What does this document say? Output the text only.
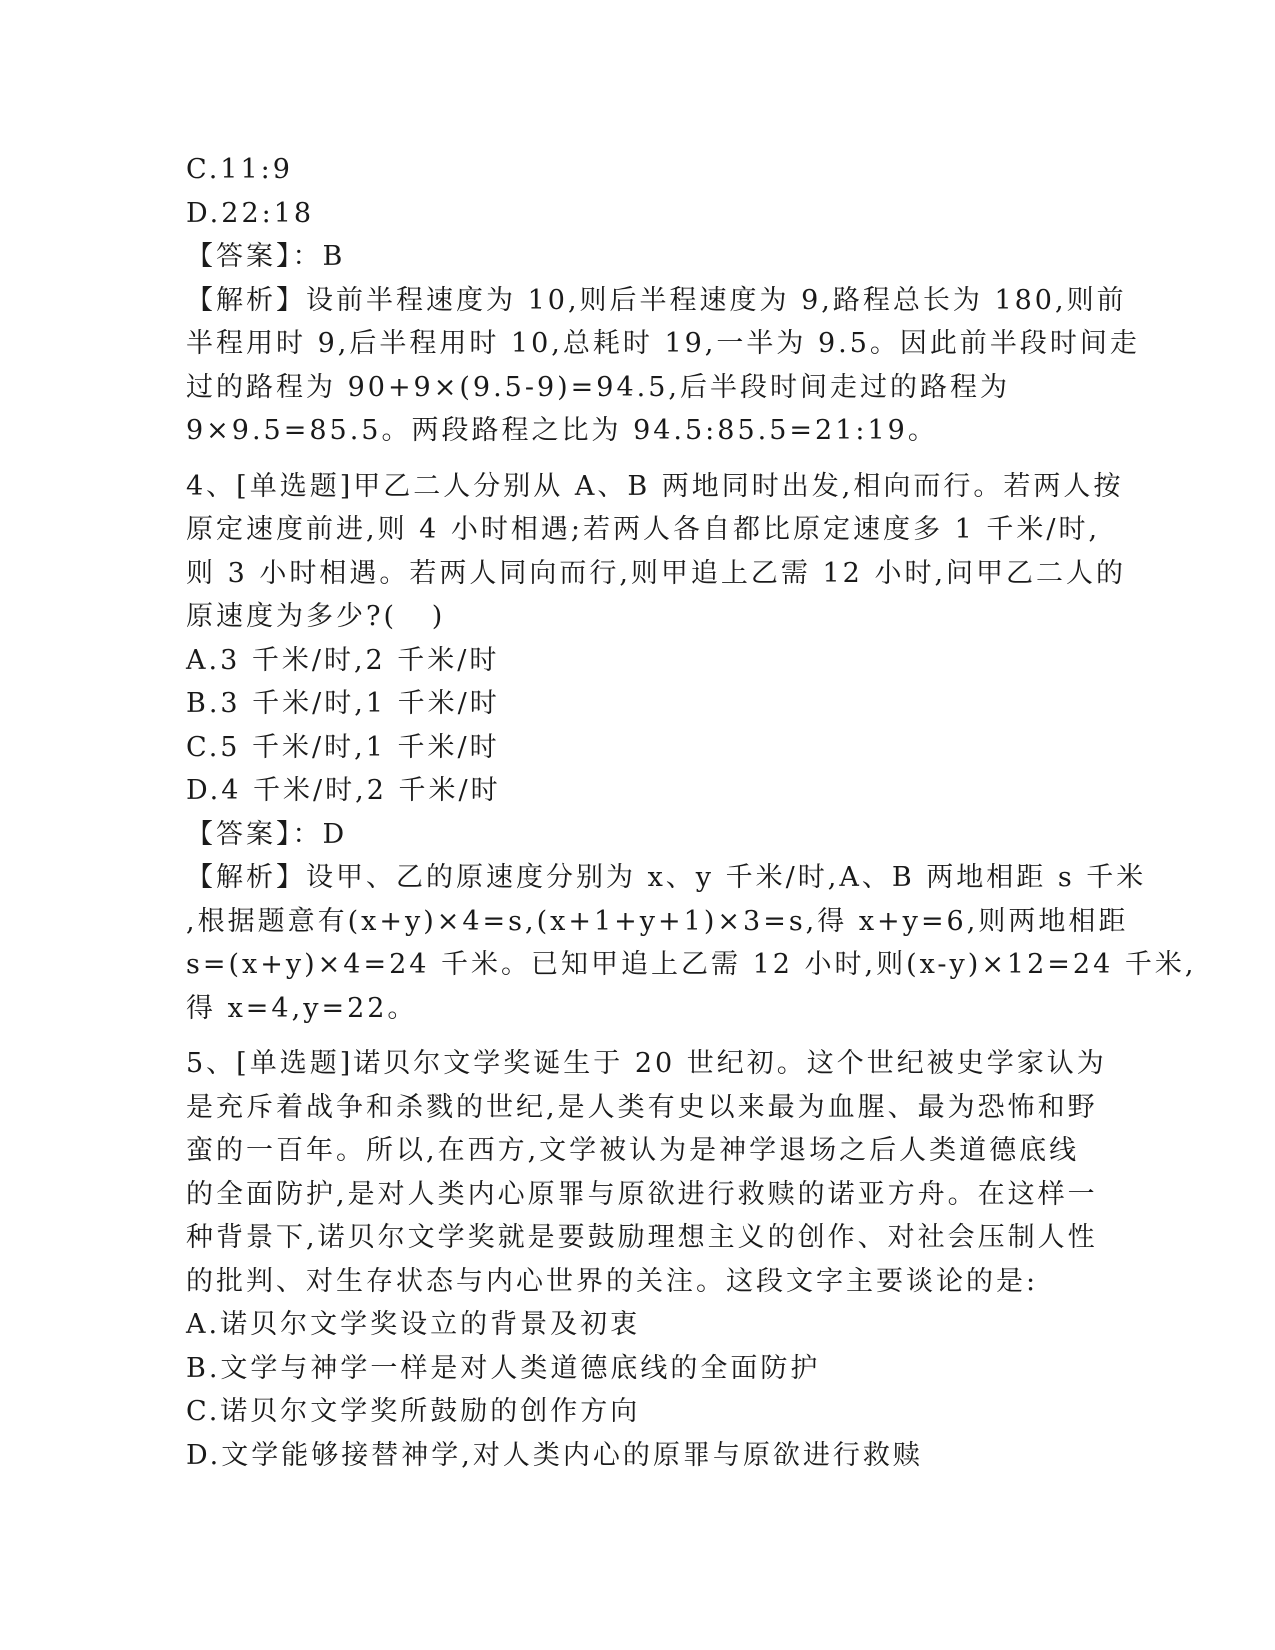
C.11:9
D.22:18
【答案】：B
【解析】设前半程速度为 10,则后半程速度为 9,路程总长为 180,则前
半程用时 9,后半程用时 10,总耗时 19,一半为 9.5。因此前半段时间走
过的路程为 90+9×(9.5-9)=94.5,后半段时间走过的路程为
9×9.5=85.5。两段路程之比为 94.5:85.5=21:19。
4、[单选题]甲乙二人分别从 A、B 两地同时出发,相向而行。若两人按
原定速度前进,则 4 小时相遇;若两人各自都比原定速度多 1 千米/时,
则 3 小时相遇。若两人同向而行,则甲追上乙需 12 小时,问甲乙二人的
原速度为多少?(   )
A.3 千米/时,2 千米/时
B.3 千米/时,1 千米/时
C.5 千米/时,1 千米/时
D.4 千米/时,2 千米/时
【答案】：D
【解析】设甲、乙的原速度分别为 x、y 千米/时,A、B 两地相距 s 千米
,根据题意有(x+y)×4=s,(x+1+y+1)×3=s,得 x+y=6,则两地相距
s=(x+y)×4=24 千米。已知甲追上乙需 12 小时,则(x-y)×12=24 千米,
得 x=4,y=22。
5、[单选题]诺贝尔文学奖诞生于 20 世纪初。这个世纪被史学家认为
是充斥着战争和杀戮的世纪,是人类有史以来最为血腥、最为恐怖和野
蛮的一百年。所以,在西方,文学被认为是神学退场之后人类道德底线
的全面防护,是对人类内心原罪与原欲进行救赎的诺亚方舟。在这样一
种背景下,诺贝尔文学奖就是要鼓励理想主义的创作、对社会压制人性
的批判、对生存状态与内心世界的关注。这段文字主要谈论的是:
A.诺贝尔文学奖设立的背景及初衷
B.文学与神学一样是对人类道德底线的全面防护
C.诺贝尔文学奖所鼓励的创作方向
D.文学能够接替神学,对人类内心的原罪与原欲进行救赎
